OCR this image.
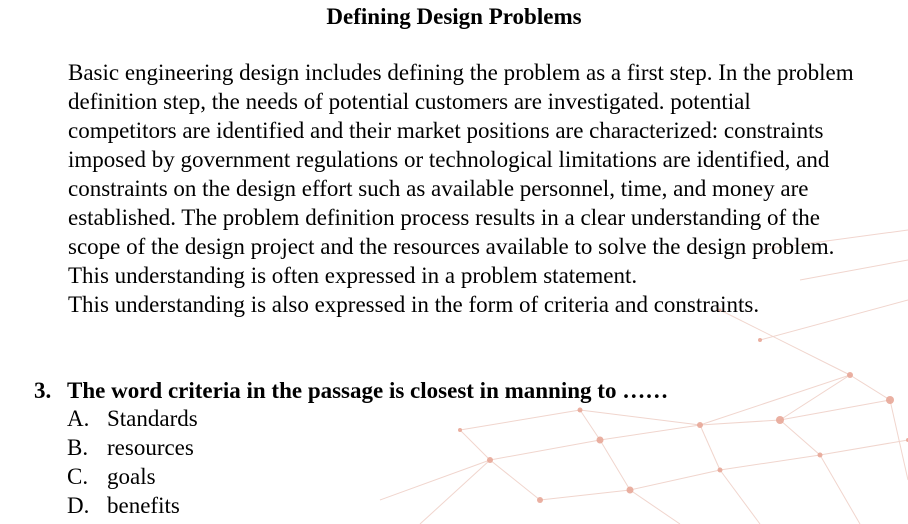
Defining Design Problems

Basic engineering design includes defining the problem as a first step. In the problem definition step, the needs of potential customers are investigated. potential competitors are identified and their market positions are characterized: constraints imposed by government regulations or technological limitations are identified, and constraints on the design effort such as available personnel, time, and money are established. The problem definition process results in a clear understanding of the scope of the design project and the resources available to solve the design problem. This understanding is often expressed in a problem statement.

This understanding is also expressed in the form of criteria and constraints.

3. The word criteria in the passage is closest in manning to ……
A. Standards
B. resources
C. goals
D. benefits
